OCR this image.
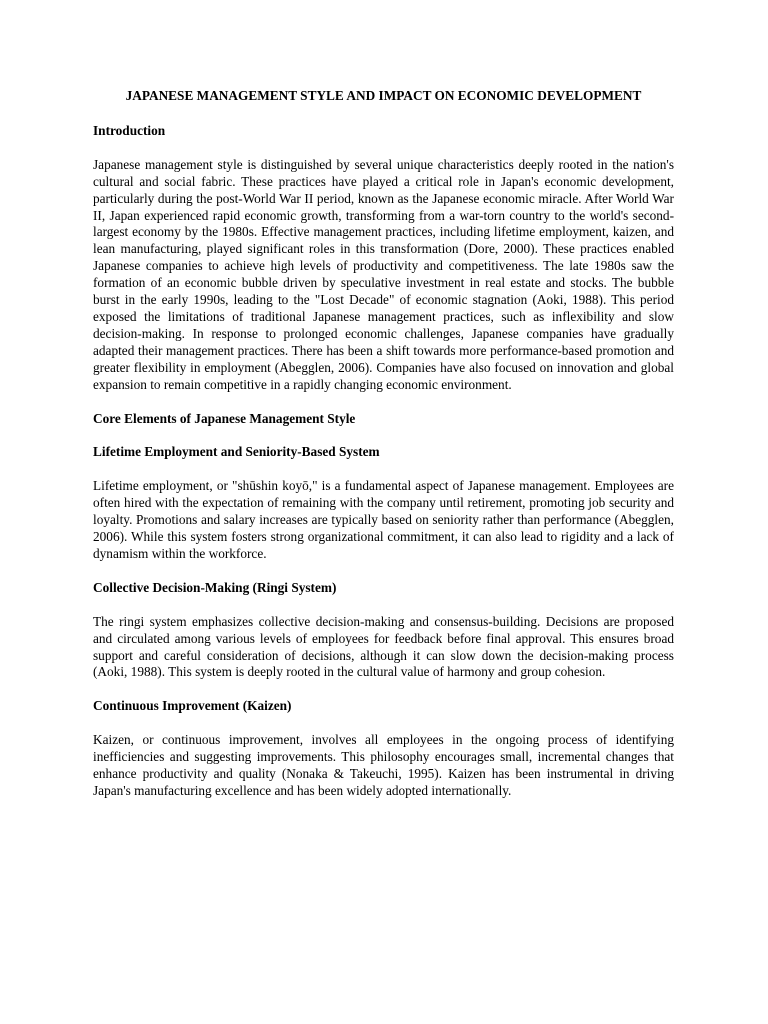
JAPANESE MANAGEMENT STYLE AND IMPACT ON ECONOMIC DEVELOPMENT
Introduction
Japanese management style is distinguished by several unique characteristics deeply rooted in the nation's cultural and social fabric. These practices have played a critical role in Japan's economic development, particularly during the post-World War II period, known as the Japanese economic miracle. After World War II, Japan experienced rapid economic growth, transforming from a war-torn country to the world's second-largest economy by the 1980s. Effective management practices, including lifetime employment, kaizen, and lean manufacturing, played significant roles in this transformation (Dore, 2000). These practices enabled Japanese companies to achieve high levels of productivity and competitiveness. The late 1980s saw the formation of an economic bubble driven by speculative investment in real estate and stocks. The bubble burst in the early 1990s, leading to the "Lost Decade" of economic stagnation (Aoki, 1988). This period exposed the limitations of traditional Japanese management practices, such as inflexibility and slow decision-making. In response to prolonged economic challenges, Japanese companies have gradually adapted their management practices. There has been a shift towards more performance-based promotion and greater flexibility in employment (Abegglen, 2006). Companies have also focused on innovation and global expansion to remain competitive in a rapidly changing economic environment.
Core Elements of Japanese Management Style
Lifetime Employment and Seniority-Based System
Lifetime employment, or "shūshin koyō," is a fundamental aspect of Japanese management. Employees are often hired with the expectation of remaining with the company until retirement, promoting job security and loyalty. Promotions and salary increases are typically based on seniority rather than performance (Abegglen, 2006). While this system fosters strong organizational commitment, it can also lead to rigidity and a lack of dynamism within the workforce.
Collective Decision-Making (Ringi System)
The ringi system emphasizes collective decision-making and consensus-building. Decisions are proposed and circulated among various levels of employees for feedback before final approval. This ensures broad support and careful consideration of decisions, although it can slow down the decision-making process (Aoki, 1988). This system is deeply rooted in the cultural value of harmony and group cohesion.
Continuous Improvement (Kaizen)
Kaizen, or continuous improvement, involves all employees in the ongoing process of identifying inefficiencies and suggesting improvements. This philosophy encourages small, incremental changes that enhance productivity and quality (Nonaka & Takeuchi, 1995). Kaizen has been instrumental in driving Japan's manufacturing excellence and has been widely adopted internationally.
